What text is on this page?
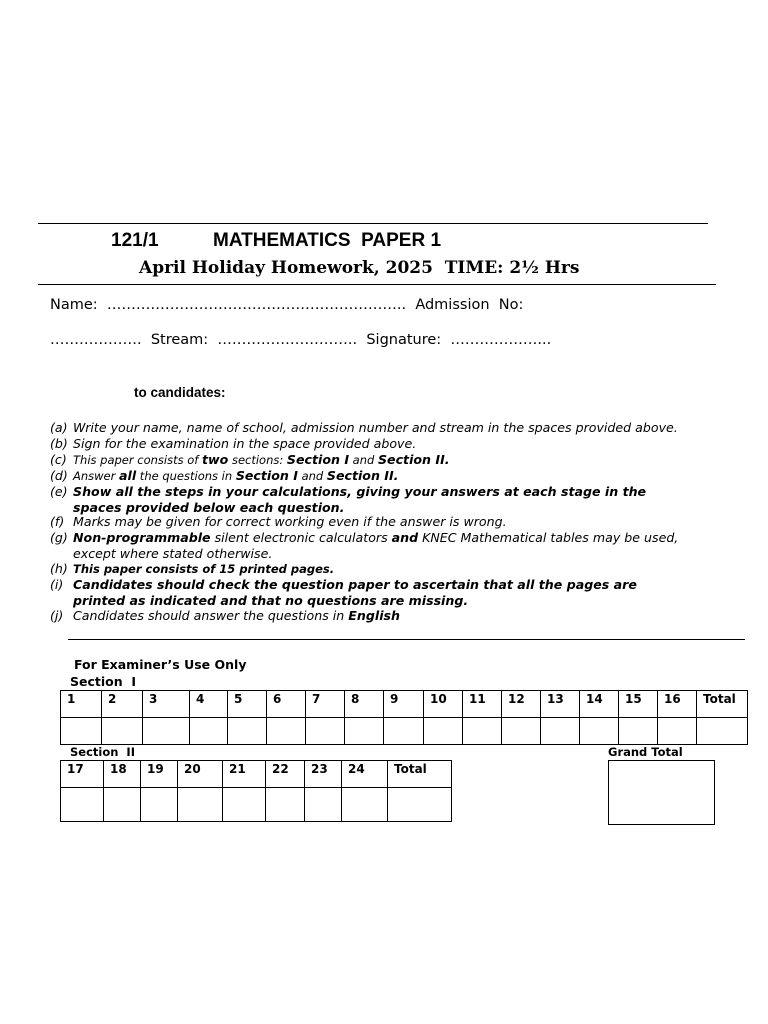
121/1	MATHEMATICS  PAPER 1
April Holiday Homework, 2025  TIME: 2½ Hrs
Name:  ……………………………………………………..  Admission  No:
……………….  Stream:  ………………………..  Signature:  ………………...
to candidates:
(a) Write your name, name of school, admission number and stream in the spaces provided above.
(b) Sign for the examination in the space provided above.
(c) This paper consists of two sections: Section I and Section II.
(d) Answer all the questions in Section I and Section II.
(e) Show all the steps in your calculations, giving your answers at each stage in the spaces provided below each question.
(f) Marks may be given for correct working even if the answer is wrong.
(g) Non-programmable silent electronic calculators and KNEC Mathematical tables may be used, except where stated otherwise.
(h) This paper consists of 15 printed pages.
(i) Candidates should check the question paper to ascertain that all the pages are printed as indicated and that no questions are missing.
(j) Candidates should answer the questions in English
For Examiner’s Use Only
Section  I
1	2	3	4	5	6	7	8	9	10	11	12	13	14	15	16	Total

Section  II	Grand Total
17	18	19	20	21	22	23	24	Total
